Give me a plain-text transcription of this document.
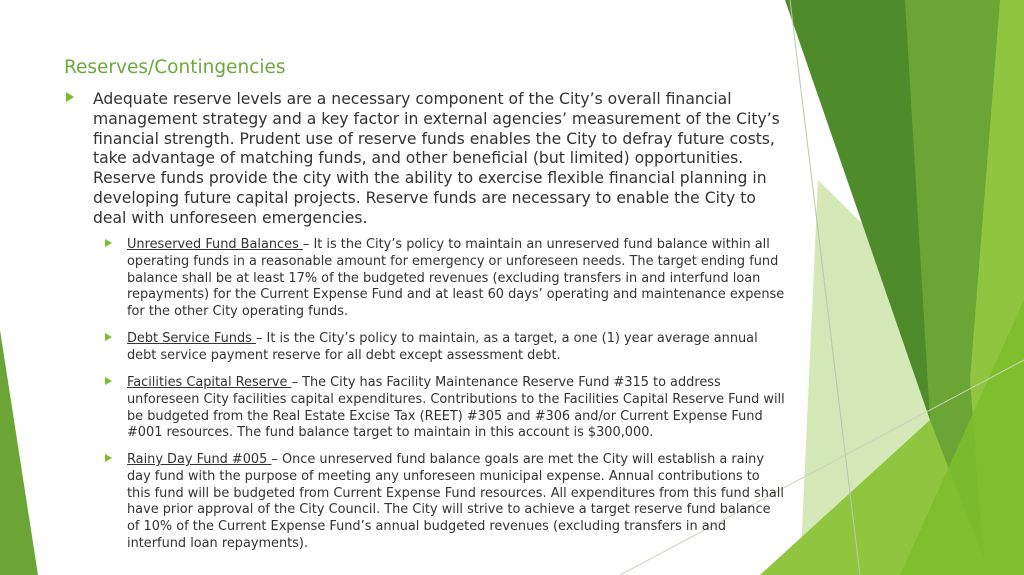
Reserves/Contingencies
Adequate reserve levels are a necessary component of the City’s overall financial management strategy and a key factor in external agencies’ measurement of the City’s financial strength. Prudent use of reserve funds enables the City to defray future costs, take advantage of matching funds, and other beneficial (but limited) opportunities. Reserve funds provide the city with the ability to exercise flexible financial planning in developing future capital projects. Reserve funds are necessary to enable the City to deal with unforeseen emergencies.
Unreserved Fund Balances – It is the City’s policy to maintain an unreserved fund balance within all operating funds in a reasonable amount for emergency or unforeseen needs. The target ending fund balance shall be at least 17% of the budgeted revenues (excluding transfers in and interfund loan repayments) for the Current Expense Fund and at least 60 days’ operating and maintenance expense for the other City operating funds.
Debt Service Funds – It is the City’s policy to maintain, as a target, a one (1) year average annual debt service payment reserve for all debt except assessment debt.
Facilities Capital Reserve – The City has Facility Maintenance Reserve Fund #315 to address unforeseen City facilities capital expenditures. Contributions to the Facilities Capital Reserve Fund will be budgeted from the Real Estate Excise Tax (REET) #305 and #306 and/or Current Expense Fund #001 resources. The fund balance target to maintain in this account is $300,000.
Rainy Day Fund #005 – Once unreserved fund balance goals are met the City will establish a rainy day fund with the purpose of meeting any unforeseen municipal expense. Annual contributions to this fund will be budgeted from Current Expense Fund resources. All expenditures from this fund shall have prior approval of the City Council. The City will strive to achieve a target reserve fund balance of 10% of the Current Expense Fund’s annual budgeted revenues (excluding transfers in and interfund loan repayments).
